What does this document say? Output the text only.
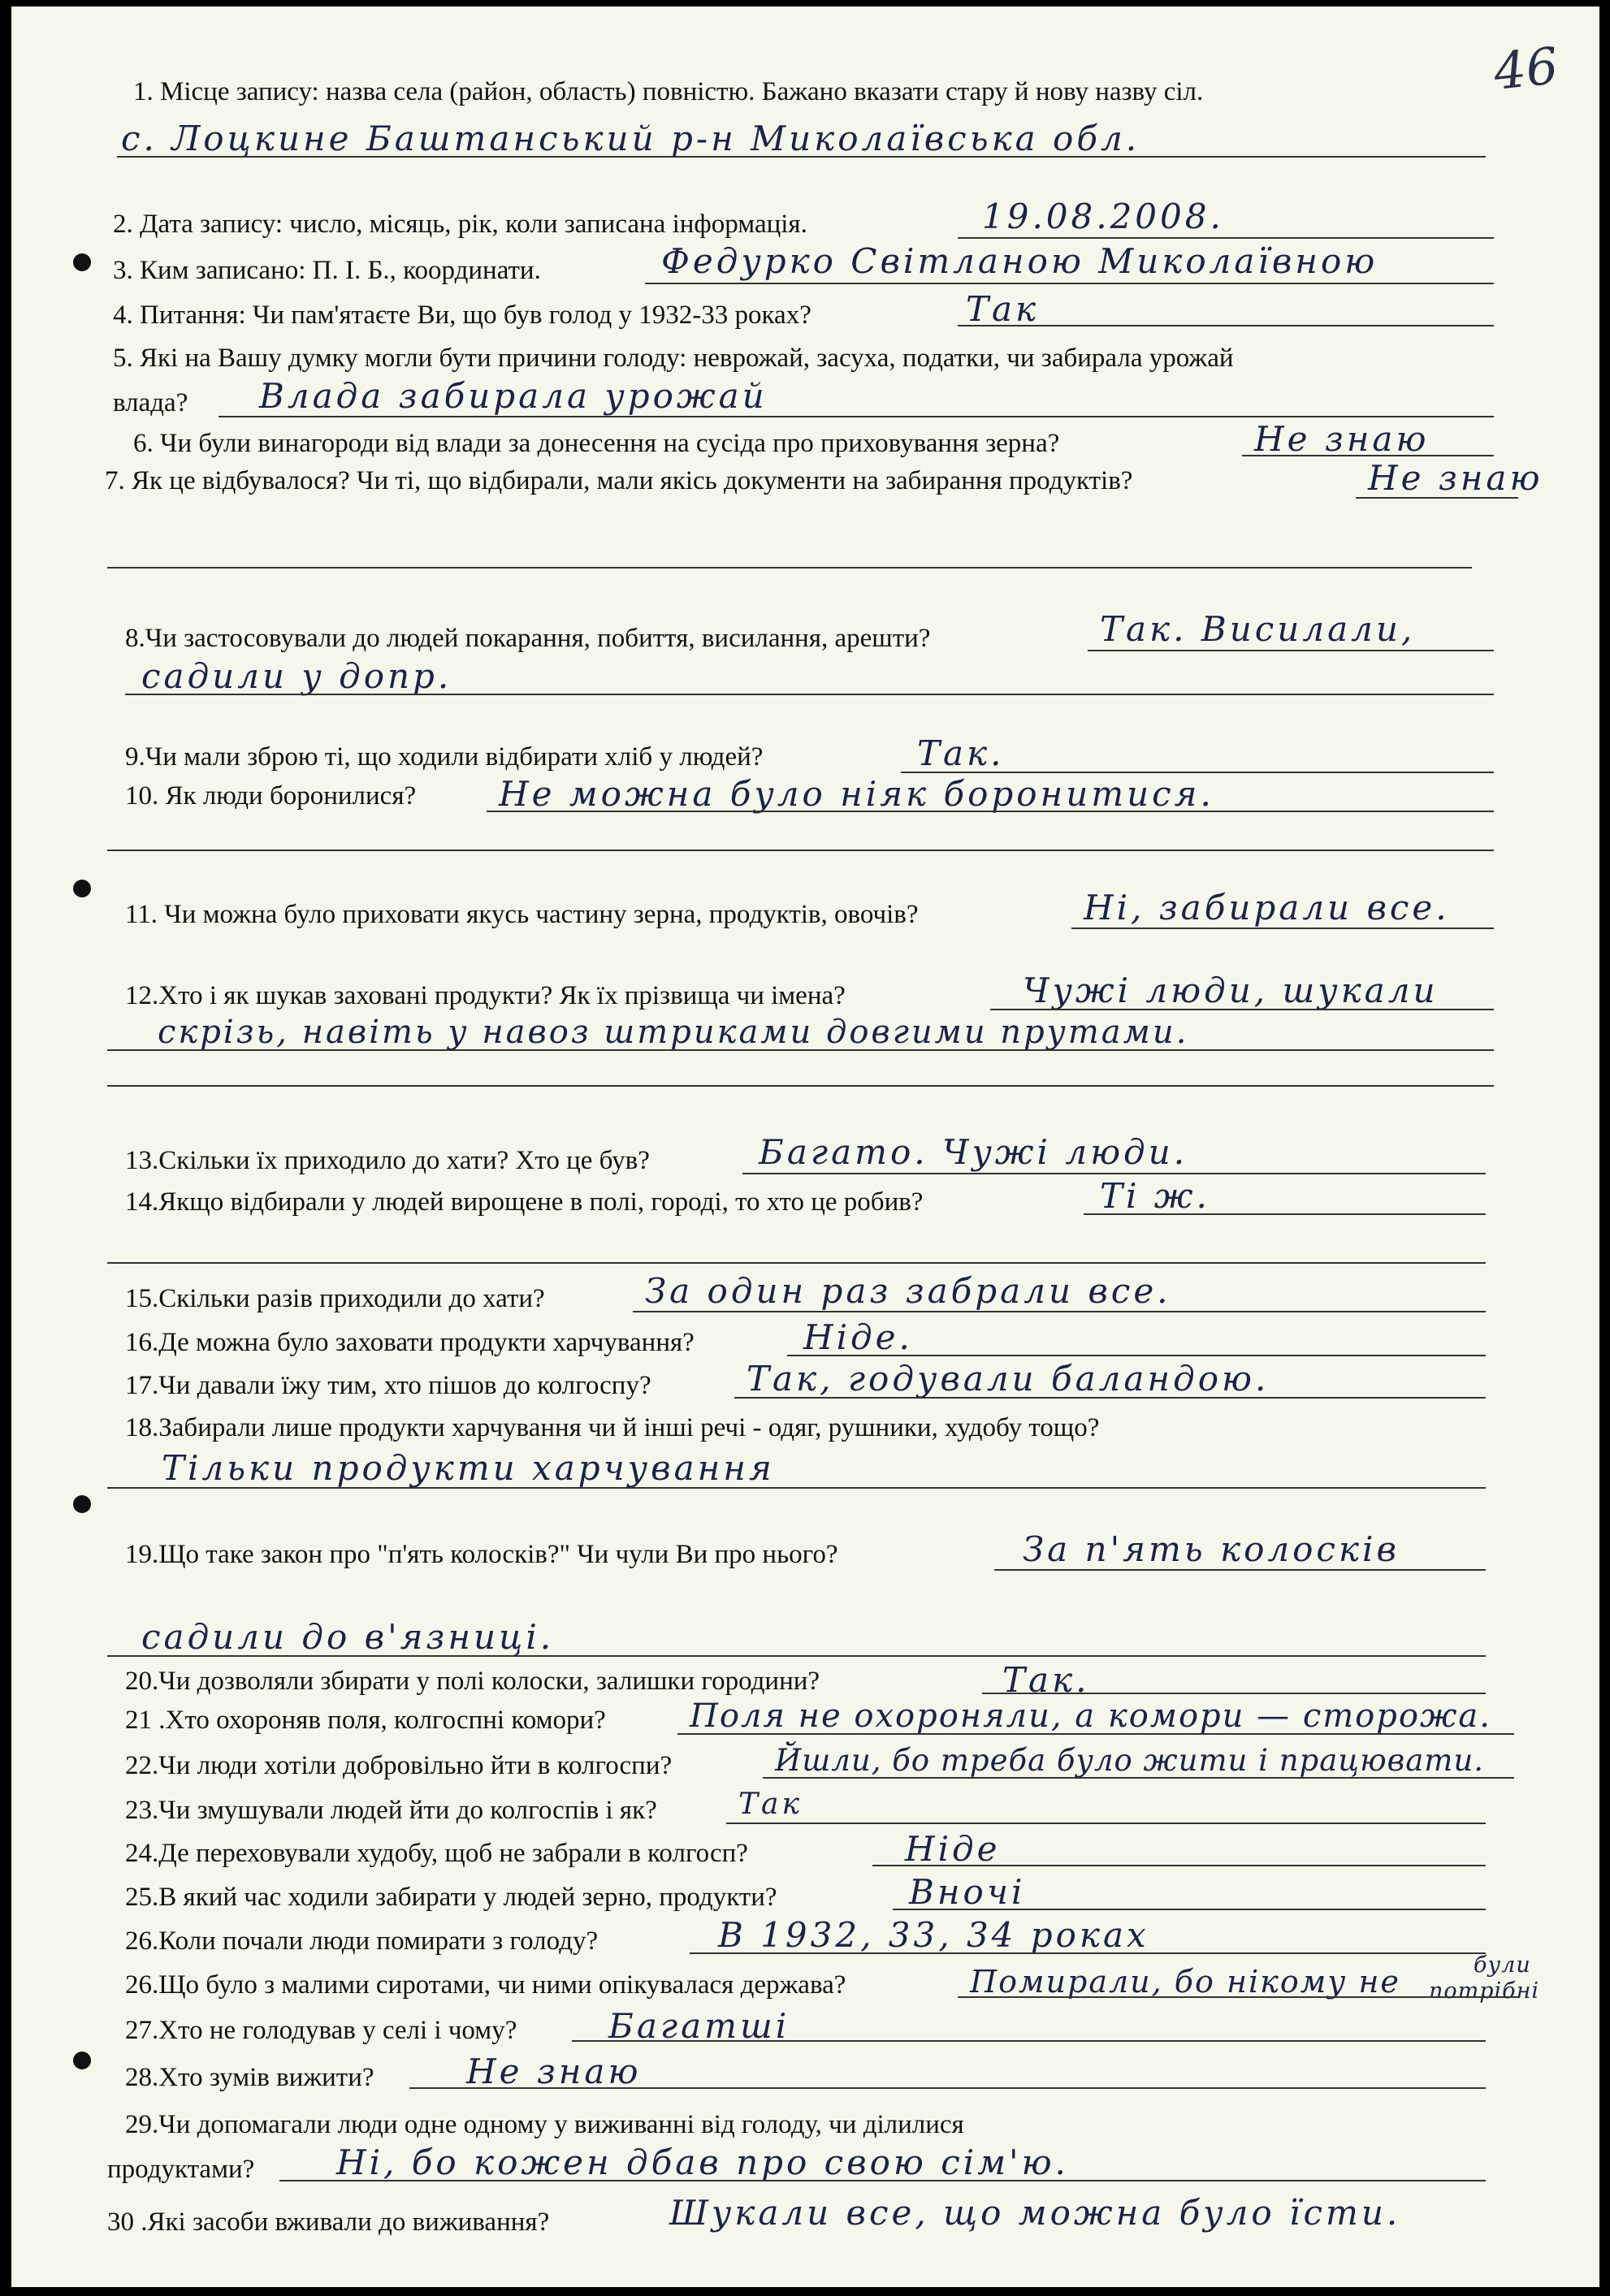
46
1. Місце запису: назва села (район, область) повністю. Бажано вказати стару й нову назву сіл.
с. Лоцкине Баштанський р-н Миколаївська обл.
2. Дата запису: число, місяць, рік, коли записана інформація.	19.08.2008.
3. Ким записано: П. І. Б., координати.	Федурко Світланою Миколаївною
4. Питання: Чи пам'ятаєте Ви, що був голод у 1932-33 роках?	Так
5. Які на Вашу думку могли бути причини голоду: неврожай, засуха, податки, чи забирала урожай
влада? Влада забирала урожай
6. Чи були винагороди від влади за донесення на сусіда про приховування зерна?	Не знаю
7. Як це відбувалося? Чи ті, що відбирали, мали якісь документи на забирання продуктів?	Не знаю
8.Чи застосовували до людей покарання, побиття, висилання, арешти?	Так. Висилали,
садили у допр.
9.Чи мали зброю ті, що ходили відбирати хліб у людей?	Так.
10. Як люди боронилися? Не можна було ніяк боронитися.
11. Чи можна було приховати якусь частину зерна, продуктів, овочів?	Ні, забирали все.
12.Хто і як шукав заховані продукти? Як їх прізвища чи імена?	Чужі люди, шукали
скрізь, навіть у навоз штриками довгими прутами.
13.Скільки їх приходило до хати? Хто це був?	Багато. Чужі люди.
14.Якщо відбирали у людей вирощене в полі, городі, то хто це робив?	Ті ж.
15.Скільки разів приходили до хати?	За один раз забрали все.
16.Де можна було заховати продукти харчування?	Ніде.
17.Чи давали їжу тим, хто пішов до колгоспу?	Так, годували баландою.
18.Забирали лише продукти харчування чи й інші речі - одяг, рушники, худобу тощо?
Тільки продукти харчування
19.Що таке закон про "п'ять колосків?" Чи чули Ви про нього?	За п'ять колосків
садили до в'язниці.
20.Чи дозволяли збирати у полі колоски, залишки городини?	Так.
21 .Хто охороняв поля, колгоспні комори?	Поля не охороняли, а комори — сторожа.
22.Чи люди хотіли добровільно йти в колгоспи?	Йшли, бо треба було жити і працювати.
23.Чи змушували людей йти до колгоспів і як?	Так
24.Де переховували худобу, щоб не забрали в колгосп?	Ніде
25.В який час ходили забирати у людей зерно, продукти?	Вночі
26.Коли почали люди помирати з голоду?	В 1932, 33, 34 роках
26.Що було з малими сиротами, чи ними опікувалася держава?	Помирали, бо нікому не	були
потрібні
27.Хто не голодував у селі і чому?	Багатші
28.Хто зумів вижити?	Не знаю
29.Чи допомагали люди одне одному у виживанні від голоду, чи ділилися
продуктами? Ні, бо кожен дбав про свою сім'ю.
30 .Які засоби вживали до виживання?	Шукали все, що можна було їсти.
